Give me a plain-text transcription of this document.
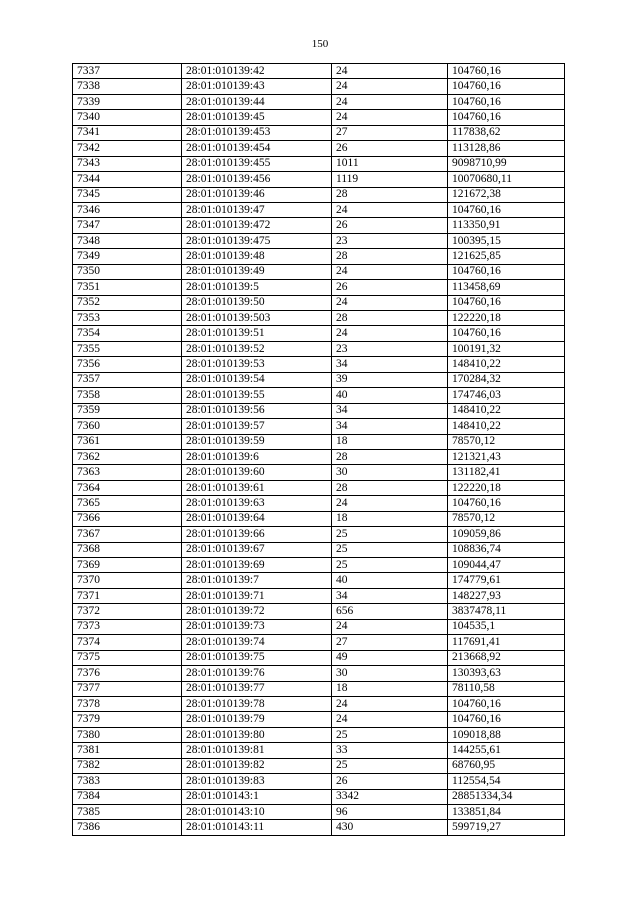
150
7337	28:01:010139:42	24	104760,16
7338	28:01:010139:43	24	104760,16
7339	28:01:010139:44	24	104760,16
7340	28:01:010139:45	24	104760,16
7341	28:01:010139:453	27	117838,62
7342	28:01:010139:454	26	113128,86
7343	28:01:010139:455	1011	9098710,99
7344	28:01:010139:456	1119	10070680,11
7345	28:01:010139:46	28	121672,38
7346	28:01:010139:47	24	104760,16
7347	28:01:010139:472	26	113350,91
7348	28:01:010139:475	23	100395,15
7349	28:01:010139:48	28	121625,85
7350	28:01:010139:49	24	104760,16
7351	28:01:010139:5	26	113458,69
7352	28:01:010139:50	24	104760,16
7353	28:01:010139:503	28	122220,18
7354	28:01:010139:51	24	104760,16
7355	28:01:010139:52	23	100191,32
7356	28:01:010139:53	34	148410,22
7357	28:01:010139:54	39	170284,32
7358	28:01:010139:55	40	174746,03
7359	28:01:010139:56	34	148410,22
7360	28:01:010139:57	34	148410,22
7361	28:01:010139:59	18	78570,12
7362	28:01:010139:6	28	121321,43
7363	28:01:010139:60	30	131182,41
7364	28:01:010139:61	28	122220,18
7365	28:01:010139:63	24	104760,16
7366	28:01:010139:64	18	78570,12
7367	28:01:010139:66	25	109059,86
7368	28:01:010139:67	25	108836,74
7369	28:01:010139:69	25	109044,47
7370	28:01:010139:7	40	174779,61
7371	28:01:010139:71	34	148227,93
7372	28:01:010139:72	656	3837478,11
7373	28:01:010139:73	24	104535,1
7374	28:01:010139:74	27	117691,41
7375	28:01:010139:75	49	213668,92
7376	28:01:010139:76	30	130393,63
7377	28:01:010139:77	18	78110,58
7378	28:01:010139:78	24	104760,16
7379	28:01:010139:79	24	104760,16
7380	28:01:010139:80	25	109018,88
7381	28:01:010139:81	33	144255,61
7382	28:01:010139:82	25	68760,95
7383	28:01:010139:83	26	112554,54
7384	28:01:010143:1	3342	28851334,34
7385	28:01:010143:10	96	133851,84
7386	28:01:010143:11	430	599719,27
